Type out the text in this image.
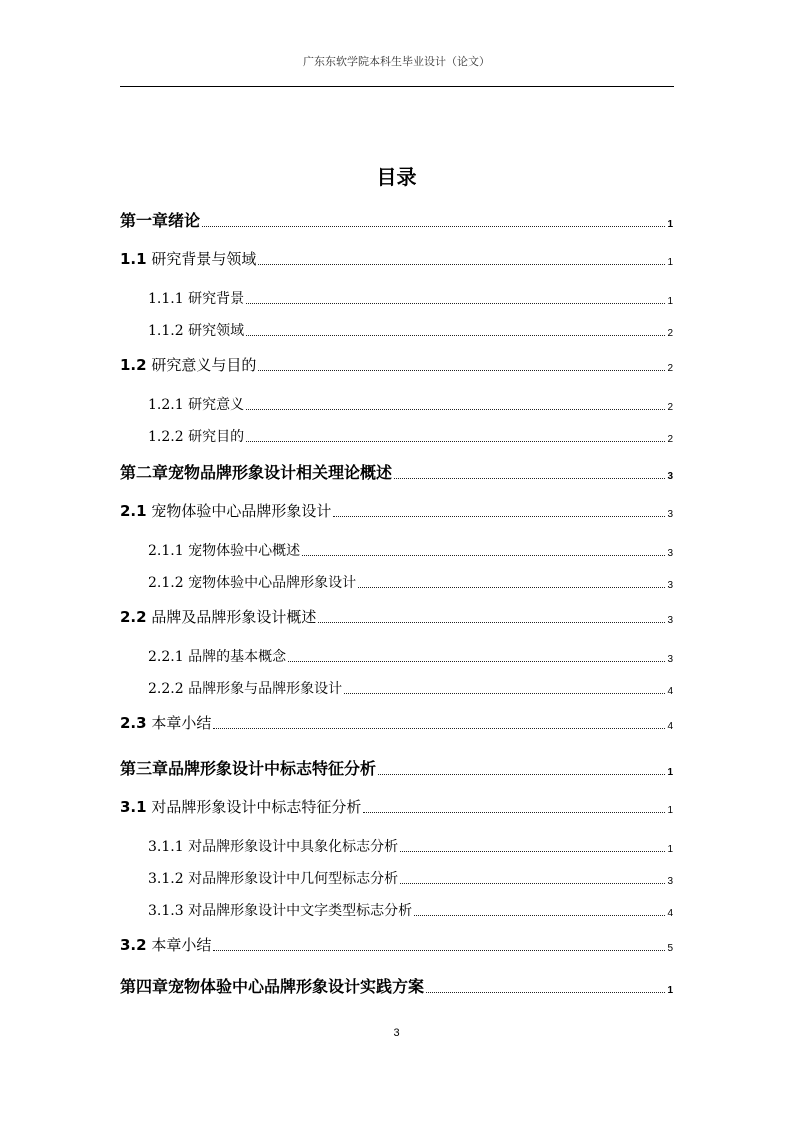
广东东软学院本科生毕业设计（论文）
目录
第一章绪论	1
1.1 研究背景与领域	1
1.1.1 研究背景	1
1.1.2 研究领域	2
1.2 研究意义与目的	2
1.2.1 研究意义	2
1.2.2 研究目的	2
第二章宠物品牌形象设计相关理论概述	3
2.1 宠物体验中心品牌形象设计	3
2.1.1 宠物体验中心概述	3
2.1.2 宠物体验中心品牌形象设计	3
2.2 品牌及品牌形象设计概述	3
2.2.1 品牌的基本概念	3
2.2.2 品牌形象与品牌形象设计	4
2.3 本章小结	4
第三章品牌形象设计中标志特征分析	1
3.1 对品牌形象设计中标志特征分析	1
3.1.1 对品牌形象设计中具象化标志分析	1
3.1.2 对品牌形象设计中几何型标志分析	3
3.1.3 对品牌形象设计中文字类型标志分析	4
3.2 本章小结	5
第四章宠物体验中心品牌形象设计实践方案	1
3
